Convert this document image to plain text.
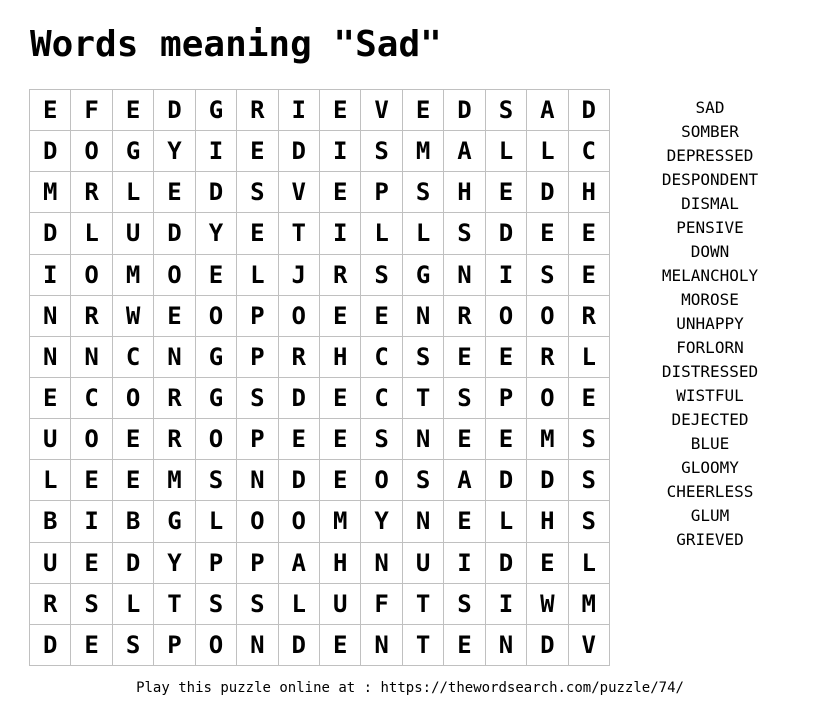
Words meaning "Sad"
E	F	E	D	G	R	I	E	V	E	D	S	A	D
D	O	G	Y	I	E	D	I	S	M	A	L	L	C
M	R	L	E	D	S	V	E	P	S	H	E	D	H
D	L	U	D	Y	E	T	I	L	L	S	D	E	E
I	O	M	O	E	L	J	R	S	G	N	I	S	E
N	R	W	E	O	P	O	E	E	N	R	O	O	R
N	N	C	N	G	P	R	H	C	S	E	E	R	L
E	C	O	R	G	S	D	E	C	T	S	P	O	E
U	O	E	R	O	P	E	E	S	N	E	E	M	S
L	E	E	M	S	N	D	E	O	S	A	D	D	S
B	I	B	G	L	O	O	M	Y	N	E	L	H	S
U	E	D	Y	P	P	A	H	N	U	I	D	E	L
R	S	L	T	S	S	L	U	F	T	S	I	W	M
D	E	S	P	O	N	D	E	N	T	E	N	D	V
SAD
SOMBER
DEPRESSED
DESPONDENT
DISMAL
PENSIVE
DOWN
MELANCHOLY
MOROSE
UNHAPPY
FORLORN
DISTRESSED
WISTFUL
DEJECTED
BLUE
GLOOMY
CHEERLESS
GLUM
GRIEVED
Play this puzzle online at : https://thewordsearch.com/puzzle/74/
